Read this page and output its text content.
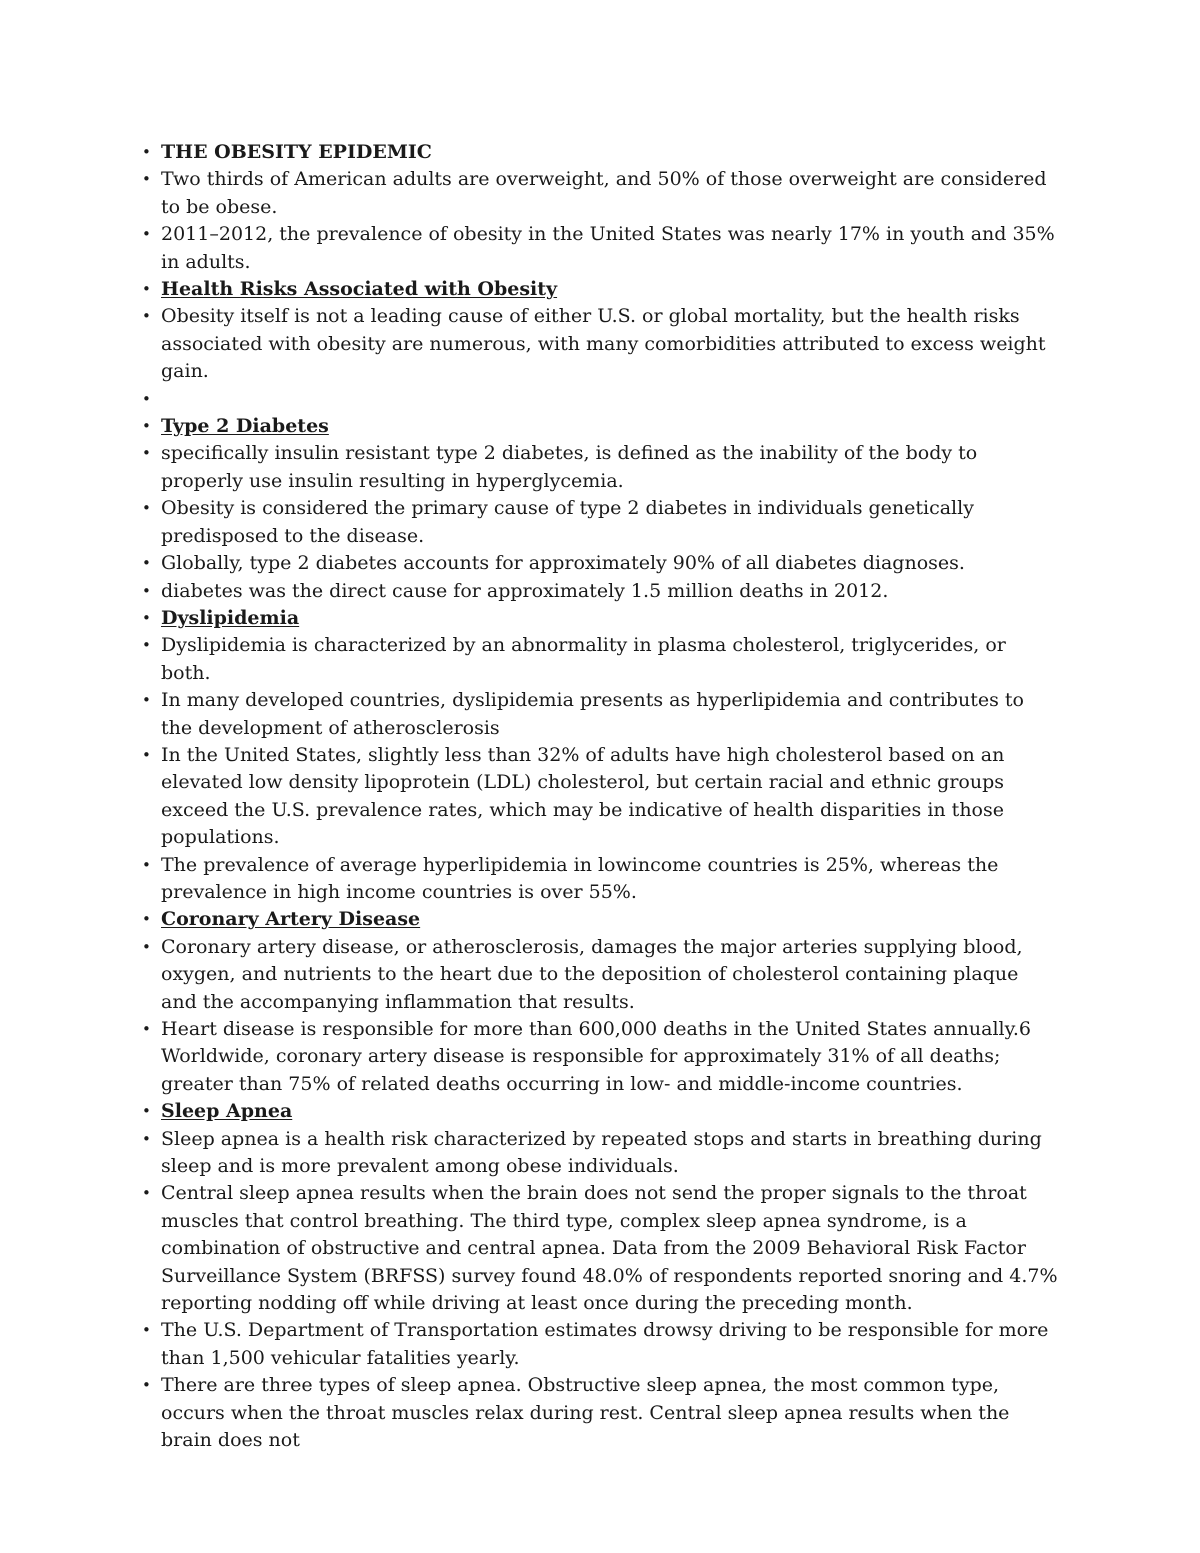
• THE OBESITY EPIDEMIC
• Two thirds of American adults are overweight, and 50% of those overweight are considered to be obese.
• 2011–2012, the prevalence of obesity in the United States was nearly 17% in youth and 35% in adults.
• Health Risks Associated with Obesity
• Obesity itself is not a leading cause of either U.S. or global mortality, but the health risks associated with obesity are numerous, with many comorbidities attributed to excess weight gain.
•
• Type 2 Diabetes
• specifically insulin resistant type 2 diabetes, is defined as the inability of the body to properly use insulin resulting in hyperglycemia.
• Obesity is considered the primary cause of type 2 diabetes in individuals genetically predisposed to the disease.
• Globally, type 2 diabetes accounts for approximately 90% of all diabetes diagnoses.
• diabetes was the direct cause for approximately 1.5 million deaths in 2012.
• Dyslipidemia
• Dyslipidemia is characterized by an abnormality in plasma cholesterol, triglycerides, or both.
• In many developed countries, dyslipidemia presents as hyperlipidemia and contributes to the development of atherosclerosis
• In the United States, slightly less than 32% of adults have high cholesterol based on an elevated low density lipoprotein (LDL) cholesterol, but certain racial and ethnic groups exceed the U.S. prevalence rates, which may be indicative of health disparities in those populations.
• The prevalence of average hyperlipidemia in lowincome countries is 25%, whereas the prevalence in high income countries is over 55%.
• Coronary Artery Disease
• Coronary artery disease, or atherosclerosis, damages the major arteries supplying blood, oxygen, and nutrients to the heart due to the deposition of cholesterol containing plaque and the accompanying inflammation that results.
• Heart disease is responsible for more than 600,000 deaths in the United States annually.6 Worldwide, coronary artery disease is responsible for approximately 31% of all deaths; greater than 75% of related deaths occurring in low- and middle-income countries.
• Sleep Apnea
• Sleep apnea is a health risk characterized by repeated stops and starts in breathing during sleep and is more prevalent among obese individuals.
• Central sleep apnea results when the brain does not send the proper signals to the throat muscles that control breathing. The third type, complex sleep apnea syndrome, is a combination of obstructive and central apnea. Data from the 2009 Behavioral Risk Factor Surveillance System (BRFSS) survey found 48.0% of respondents reported snoring and 4.7% reporting nodding off while driving at least once during the preceding month.
• The U.S. Department of Transportation estimates drowsy driving to be responsible for more than 1,500 vehicular fatalities yearly.
• There are three types of sleep apnea. Obstructive sleep apnea, the most common type, occurs when the throat muscles relax during rest. Central sleep apnea results when the brain does not
